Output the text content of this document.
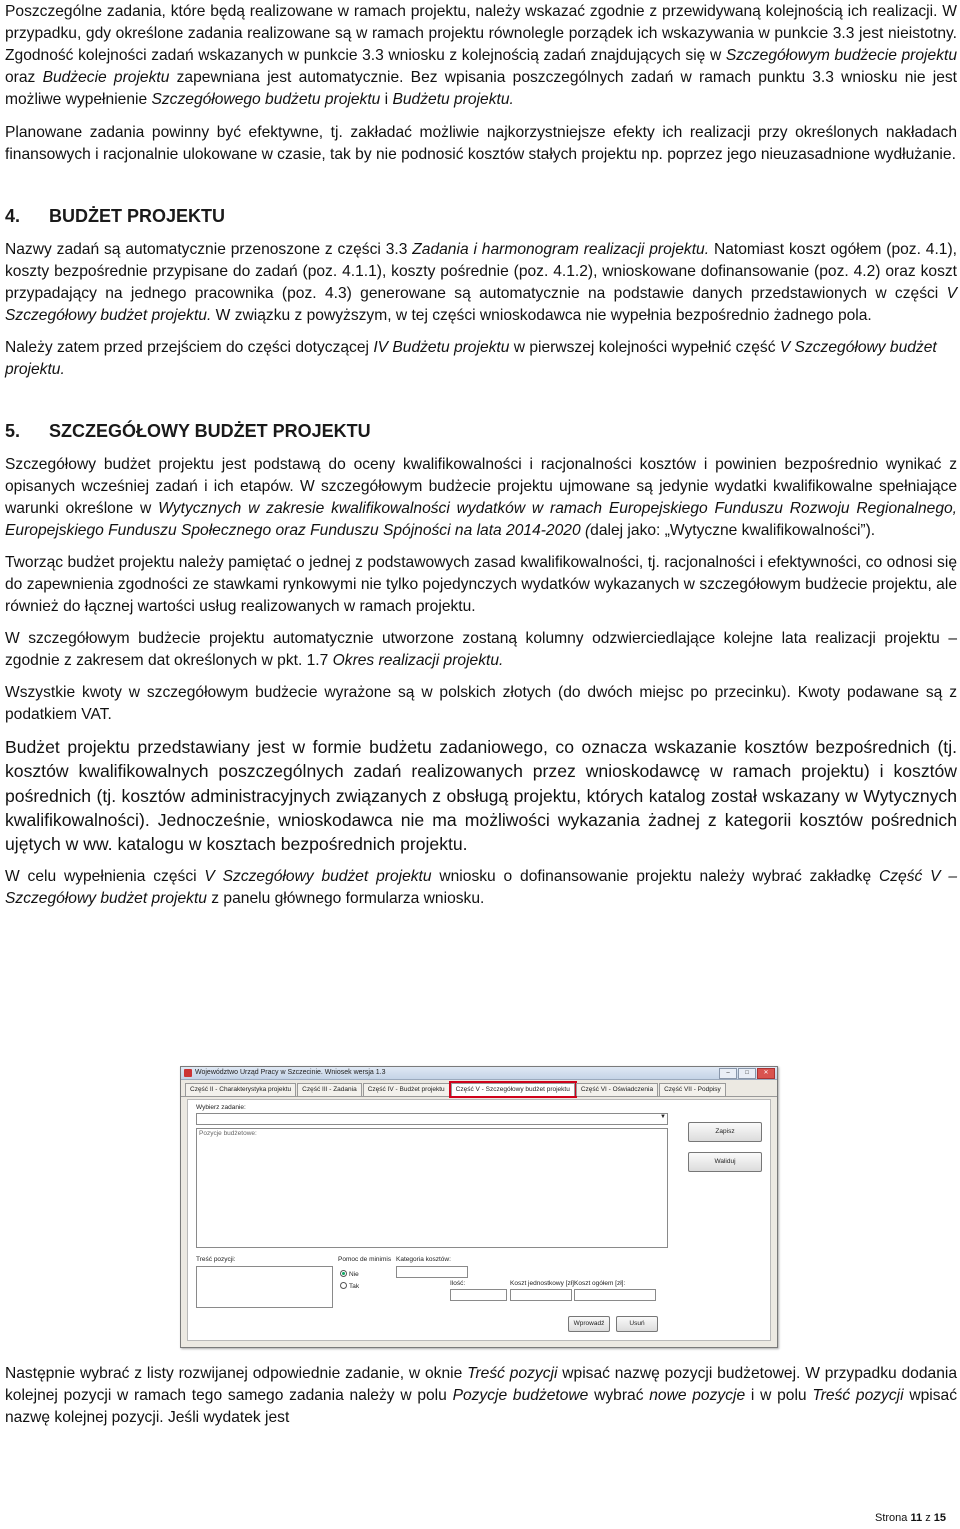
Poszczególne zadania, które będą realizowane w ramach projektu, należy wskazać zgodnie z przewidywaną kolejnością ich realizacji. W przypadku, gdy określone zadania realizowane są w ramach projektu równolegle porządek ich wskazywania w punkcie 3.3 jest nieistotny. Zgodność kolejności zadań wskazanych w punkcie 3.3 wniosku z kolejnością zadań znajdujących się w Szczegółowym budżecie projektu oraz Budżecie projektu zapewniana jest automatycznie. Bez wpisania poszczególnych zadań w ramach punktu 3.3 wniosku nie jest możliwe wypełnienie Szczegółowego budżetu projektu i Budżetu projektu.

Planowane zadania powinny być efektywne, tj. zakładać możliwie najkorzystniejsze efekty ich realizacji przy określonych nakładach finansowych i racjonalnie ulokowane w czasie, tak by nie podnosić kosztów stałych projektu np. poprzez jego nieuzasadnione wydłużanie.

4. BUDŻET PROJEKTU

Nazwy zadań są automatycznie przenoszone z części 3.3 Zadania i harmonogram realizacji projektu. Natomiast koszt ogółem (poz. 4.1), koszty bezpośrednie przypisane do zadań (poz. 4.1.1), koszty pośrednie (poz. 4.1.2), wnioskowane dofinansowanie (poz. 4.2) oraz koszt przypadający na jednego pracownika (poz. 4.3) generowane są automatycznie na podstawie danych przedstawionych w części V Szczegółowy budżet projektu. W związku z powyższym, w tej części wnioskodawca nie wypełnia bezpośrednio żadnego pola.

Należy zatem przed przejściem do części dotyczącej IV Budżetu projektu w pierwszej kolejności wypełnić część V Szczegółowy budżet projektu.

5. SZCZEGÓŁOWY BUDŻET PROJEKTU

Szczegółowy budżet projektu jest podstawą do oceny kwalifikowalności i racjonalności kosztów i powinien bezpośrednio wynikać z opisanych wcześniej zadań i ich etapów. W szczegółowym budżecie projektu ujmowane są jedynie wydatki kwalifikowalne spełniające warunki określone w Wytycznych w zakresie kwalifikowalności wydatków w ramach Europejskiego Funduszu Rozwoju Regionalnego, Europejskiego Funduszu Społecznego oraz Funduszu Spójności na lata 2014-2020 (dalej jako: „Wytyczne kwalifikowalności”).

Tworząc budżet projektu należy pamiętać o jednej z podstawowych zasad kwalifikowalności, tj. racjonalności i efektywności, co odnosi się do zapewnienia zgodności ze stawkami rynkowymi nie tylko pojedynczych wydatków wykazanych w szczegółowym budżecie projektu, ale również do łącznej wartości usług realizowanych w ramach projektu.

W szczegółowym budżecie projektu automatycznie utworzone zostaną kolumny odzwierciedlające kolejne lata realizacji projektu – zgodnie z zakresem dat określonych w pkt. 1.7 Okres realizacji projektu.

Wszystkie kwoty w szczegółowym budżecie wyrażone są w polskich złotych (do dwóch miejsc po przecinku). Kwoty podawane są z podatkiem VAT.

Budżet projektu przedstawiany jest w formie budżetu zadaniowego, co oznacza wskazanie kosztów bezpośrednich (tj. kosztów kwalifikowalnych poszczególnych zadań realizowanych przez wnioskodawcę w ramach projektu) i kosztów pośrednich (tj. kosztów administracyjnych związanych z obsługą projektu, których katalog został wskazany w Wytycznych kwalifikowalności). Jednocześnie, wnioskodawca nie ma możliwości wykazania żadnej z kategorii kosztów pośrednich ujętych w ww. katalogu w kosztach bezpośrednich projektu.

W celu wypełnienia części V Szczegółowy budżet projektu wniosku o dofinansowanie projektu należy wybrać zakładkę Część V – Szczegółowy budżet projektu z panelu głównego formularza wniosku.

Województwo Urząd Pracy w Szczecinie. Wniosek wersja 1.3	–	□	✕
Część II - Charakterystyka projektu	Część III - Zadania	Część IV - Budżet projektu	Część V - Szczegółowy budżet projektu	Część VI - Oświadczenia	Część VII - Podpisy
Wybierz zadanie:
▼
Pozycje budżetowe:	Zapisz
Waliduj
Treść pozycji:	Pomoc de minimis
Nie
Tak
Kategoria kosztów:
Ilość:	Koszt jednostkowy [zł]:
Koszt ogółem [zł]:
Wprowadź	Usuń

Następnie wybrać z listy rozwijanej odpowiednie zadanie, w oknie Treść pozycji wpisać nazwę pozycji budżetowej. W przypadku dodania kolejnej pozycji w ramach tego samego zadania należy w polu Pozycje budżetowe wybrać nowe pozycje i w polu Treść pozycji wpisać nazwę kolejnej pozycji. Jeśli wydatek jest

Strona 11 z 15
